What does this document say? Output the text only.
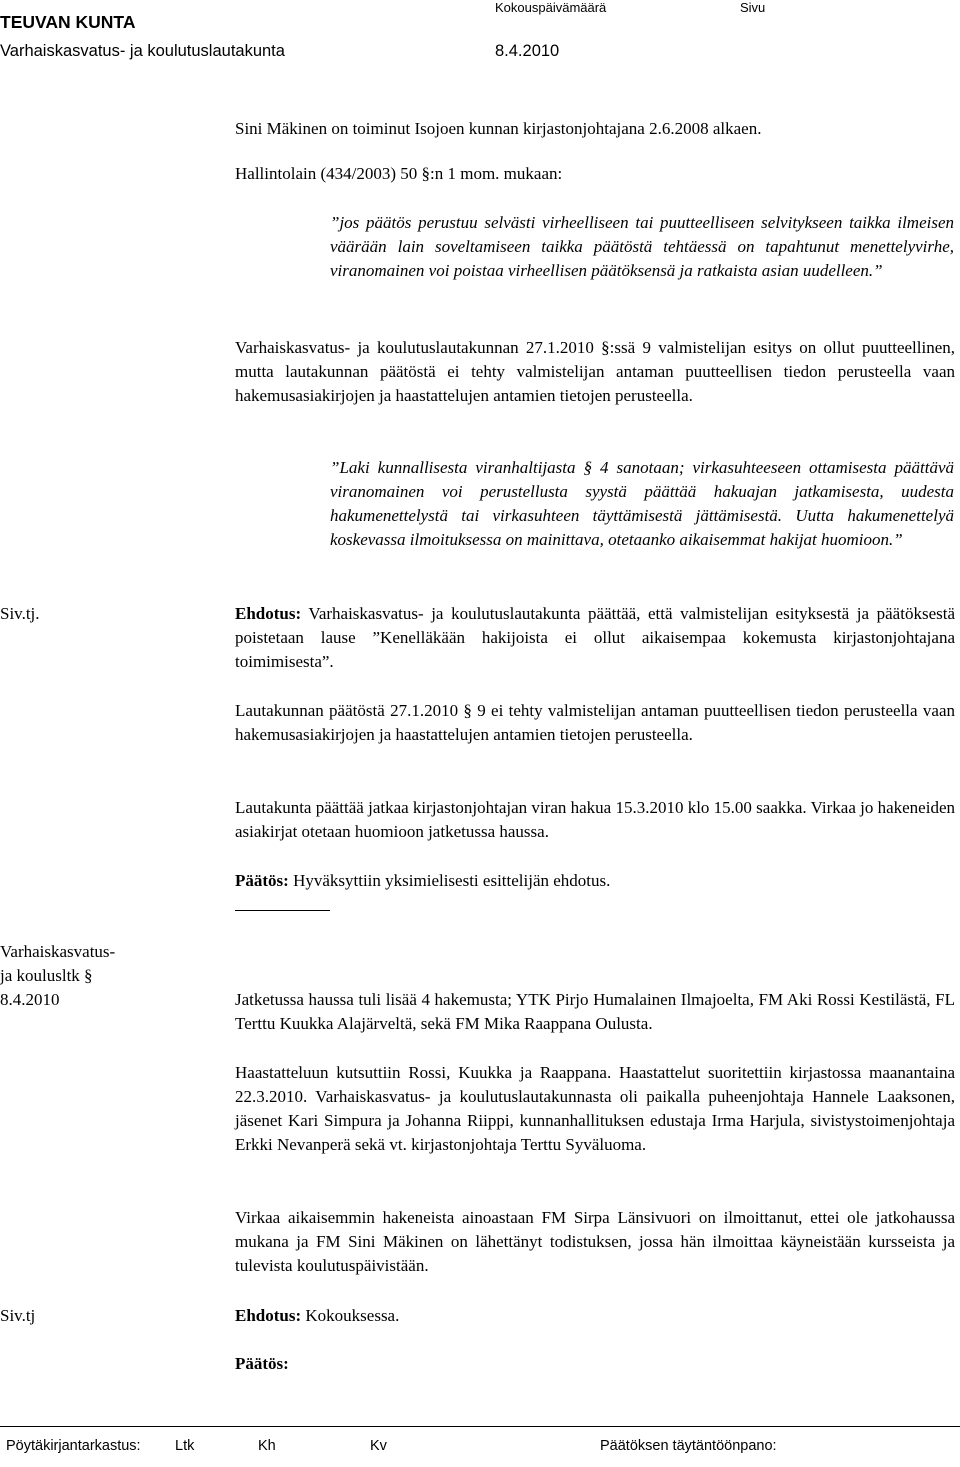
TEUVAN KUNTA
Varhaiskasvatus- ja koulutuslautakunta
Kokouspäivämäärä
8.4.2010
Sivu
Sini Mäkinen on toiminut Isojoen kunnan kirjastonjohtajana 2.6.2008 alkaen.
Hallintolain (434/2003) 50 §:n 1 mom. mukaan:
”jos päätös perustuu selvästi virheelliseen tai puutteelliseen selvitykseen taikka ilmeisen väärään lain soveltamiseen taikka päätöstä tehtäessä on tapahtunut menettelyvirhe, viranomainen voi poistaa virheellisen päätöksensä ja ratkaista asian uudelleen.”
Varhaiskasvatus- ja koulutuslautakunnan 27.1.2010 §:ssä 9 valmistelijan esitys on ollut puutteellinen, mutta lautakunnan päätöstä ei tehty valmistelijan antaman puutteellisen tiedon perusteella vaan hakemusasiakirjojen ja haastattelujen antamien tietojen perusteella.
”Laki kunnallisesta viranhaltijasta § 4 sanotaan; virkasuhteeseen ottamisesta päättävä viranomainen voi perustellusta syystä päättää hakuajan jatkamisesta, uudesta hakumenettelystä tai virkasuhteen täyttämisestä jättämisestä. Uutta hakumenettelyä koskevassa ilmoituksessa on mainittava, otetaanko aikaisemmat hakijat huomioon.”
Siv.tj.	Ehdotus: Varhaiskasvatus- ja koulutuslautakunta päättää, että valmistelijan esityksestä ja päätöksestä poistetaan lause ”Kenelläkään hakijoista ei ollut aikaisempaa kokemusta kirjastonjohtajana toimimisesta”.
Lautakunnan päätöstä 27.1.2010 § 9 ei tehty valmistelijan antaman puutteellisen tiedon perusteella vaan hakemusasiakirjojen ja haastattelujen antamien tietojen perusteella.
Lautakunta päättää jatkaa kirjastonjohtajan viran hakua 15.3.2010 klo 15.00 saakka. Virkaa jo hakeneiden asiakirjat otetaan huomioon jatketussa haussa.
Päätös: Hyväksyttiin yksimielisesti esittelijän ehdotus.
Varhaiskasvatus-
ja koulusltk §
8.4.2010	Jatketussa haussa tuli lisää 4 hakemusta; YTK Pirjo Humalainen Ilmajoelta, FM Aki Rossi Kestilästä, FL Terttu Kuukka Alajärveltä, sekä FM Mika Raappana Oulusta.
Haastatteluun kutsuttiin Rossi, Kuukka ja Raappana. Haastattelut suoritettiin kirjastossa maanantaina 22.3.2010. Varhaiskasvatus- ja koulutuslautakunnasta oli paikalla puheenjohtaja Hannele Laaksonen, jäsenet Kari Simpura ja Johanna Riippi, kunnanhallituksen edustaja Irma Harjula, sivistystoimenjohtaja Erkki Nevanperä sekä vt. kirjastonjohtaja Terttu Syväluoma.
Virkaa aikaisemmin hakeneista ainoastaan FM Sirpa Länsivuori on ilmoittanut, ettei ole jatkohaussa mukana ja FM Sini Mäkinen on lähettänyt todistuksen, jossa hän ilmoittaa käyneistään kursseista ja tulevista koulutuspäivistään.
Siv.tj	Ehdotus: Kokouksessa.
Päätös:
Pöytäkirjantarkastus: Ltk	Kh	Kv	Päätöksen täytäntöönpano:
